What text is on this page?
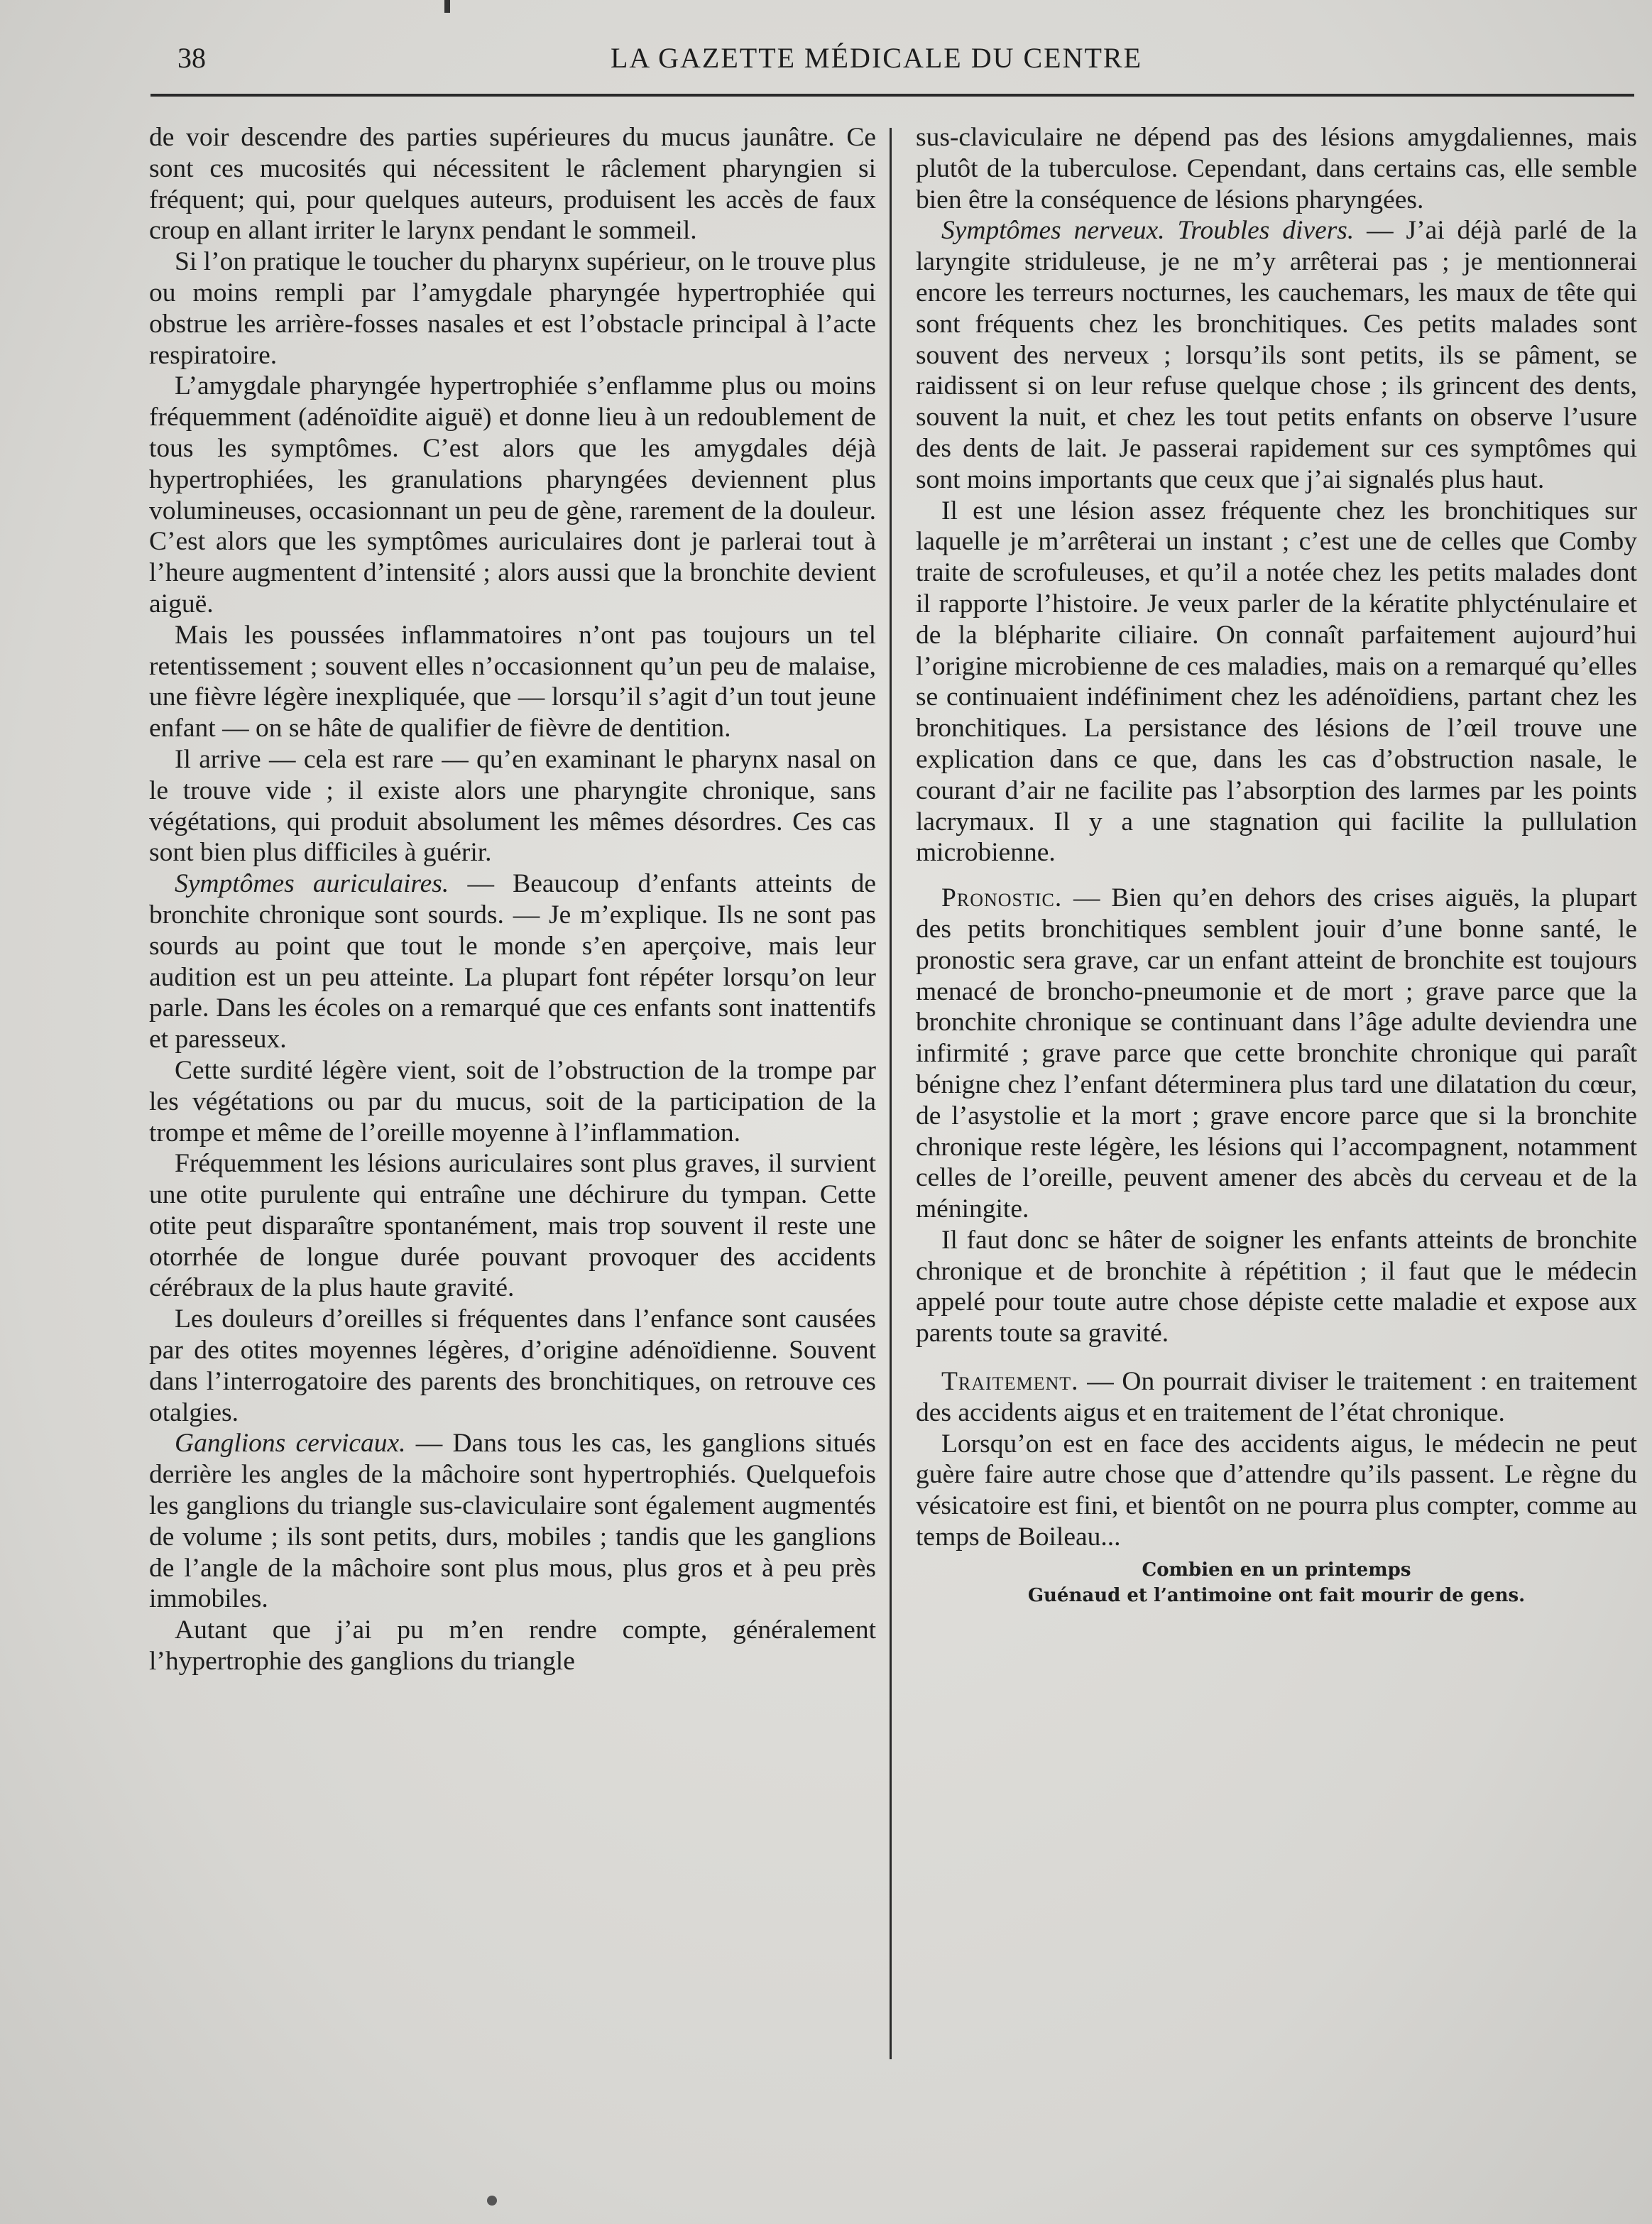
38	LA GAZETTE MÉDICALE DU CENTRE

de voir descendre des parties supérieures du mucus jaunâtre. Ce sont ces mucosités qui nécessitent le râclement pharyngien si fréquent; qui, pour quelques auteurs, produisent les accès de faux croup en allant irriter le larynx pendant le sommeil.

Si l’on pratique le toucher du pharynx supérieur, on le trouve plus ou moins rempli par l’amygdale pharyngée hypertrophiée qui obstrue les arrière-fosses nasales et est l’obstacle principal à l’acte respiratoire.

L’amygdale pharyngée hypertrophiée s’enflamme plus ou moins fréquemment (adénoïdite aiguë) et donne lieu à un redoublement de tous les symptômes. C’est alors que les amygdales déjà hypertrophiées, les granulations pharyngées deviennent plus volumineuses, occasionnant un peu de gène, rarement de la douleur. C’est alors que les symptômes auriculaires dont je parlerai tout à l’heure augmentent d’intensité ; alors aussi que la bronchite devient aiguë.

Mais les poussées inflammatoires n’ont pas toujours un tel retentissement ; souvent elles n’occasionnent qu’un peu de malaise, une fièvre légère inexpliquée, que — lorsqu’il s’agit d’un tout jeune enfant — on se hâte de qualifier de fièvre de dentition.

Il arrive — cela est rare — qu’en examinant le pharynx nasal on le trouve vide ; il existe alors une pharyngite chronique, sans végétations, qui produit absolument les mêmes désordres. Ces cas sont bien plus difficiles à guérir.

Symptômes auriculaires. — Beaucoup d’enfants atteints de bronchite chronique sont sourds. — Je m’explique. Ils ne sont pas sourds au point que tout le monde s’en aperçoive, mais leur audition est un peu atteinte. La plupart font répéter lorsqu’on leur parle. Dans les écoles on a remarqué que ces enfants sont inattentifs et paresseux.

Cette surdité légère vient, soit de l’obstruction de la trompe par les végétations ou par du mucus, soit de la participation de la trompe et même de l’oreille moyenne à l’inflammation.

Fréquemment les lésions auriculaires sont plus graves, il survient une otite purulente qui entraîne une déchirure du tympan. Cette otite peut disparaître spontanément, mais trop souvent il reste une otorrhée de longue durée pouvant provoquer des accidents cérébraux de la plus haute gravité.

Les douleurs d’oreilles si fréquentes dans l’enfance sont causées par des otites moyennes légères, d’origine adénoïdienne. Souvent dans l’interrogatoire des parents des bronchitiques, on retrouve ces otalgies.

Ganglions cervicaux. — Dans tous les cas, les ganglions situés derrière les angles de la mâchoire sont hypertrophiés. Quelquefois les ganglions du triangle sus-claviculaire sont également augmentés de volume ; ils sont petits, durs, mobiles ; tandis que les ganglions de l’angle de la mâchoire sont plus mous, plus gros et à peu près immobiles.

Autant que j’ai pu m’en rendre compte, généralement l’hypertrophie des ganglions du triangle

sus-claviculaire ne dépend pas des lésions amygdaliennes, mais plutôt de la tuberculose. Cependant, dans certains cas, elle semble bien être la conséquence de lésions pharyngées.

Symptômes nerveux. Troubles divers. — J’ai déjà parlé de la laryngite striduleuse, je ne m’y arrêterai pas ; je mentionnerai encore les terreurs nocturnes, les cauchemars, les maux de tête qui sont fréquents chez les bronchitiques. Ces petits malades sont souvent des nerveux ; lorsqu’ils sont petits, ils se pâment, se raidissent si on leur refuse quelque chose ; ils grincent des dents, souvent la nuit, et chez les tout petits enfants on observe l’usure des dents de lait. Je passerai rapidement sur ces symptômes qui sont moins importants que ceux que j’ai signalés plus haut.

Il est une lésion assez fréquente chez les bronchitiques sur laquelle je m’arrêterai un instant ; c’est une de celles que Comby traite de scrofuleuses, et qu’il a notée chez les petits malades dont il rapporte l’histoire. Je veux parler de la kératite phlycténulaire et de la blépharite ciliaire. On connaît parfaitement aujourd’hui l’origine microbienne de ces maladies, mais on a remarqué qu’elles se continuaient indéfiniment chez les adénoïdiens, partant chez les bronchitiques. La persistance des lésions de l’œil trouve une explication dans ce que, dans les cas d’obstruction nasale, le courant d’air ne facilite pas l’absorption des larmes par les points lacrymaux. Il y a une stagnation qui facilite la pullulation microbienne.

Pronostic. — Bien qu’en dehors des crises aiguës, la plupart des petits bronchitiques semblent jouir d’une bonne santé, le pronostic sera grave, car un enfant atteint de bronchite est toujours menacé de broncho-pneumonie et de mort ; grave parce que la bronchite chronique se continuant dans l’âge adulte deviendra une infirmité ; grave parce que cette bronchite chronique qui paraît bénigne chez l’enfant déterminera plus tard une dilatation du cœur, de l’asystolie et la mort ; grave encore parce que si la bronchite chronique reste légère, les lésions qui l’accompagnent, notamment celles de l’oreille, peuvent amener des abcès du cerveau et de la méningite.

Il faut donc se hâter de soigner les enfants atteints de bronchite chronique et de bronchite à répétition ; il faut que le médecin appelé pour toute autre chose dépiste cette maladie et expose aux parents toute sa gravité.

Traitement. — On pourrait diviser le traitement : en traitement des accidents aigus et en traitement de l’état chronique.

Lorsqu’on est en face des accidents aigus, le médecin ne peut guère faire autre chose que d’attendre qu’ils passent. Le règne du vésicatoire est fini, et bientôt on ne pourra plus compter, comme au temps de Boileau...

Combien en un printemps
Guénaud et l’antimoine ont fait mourir de gens.
